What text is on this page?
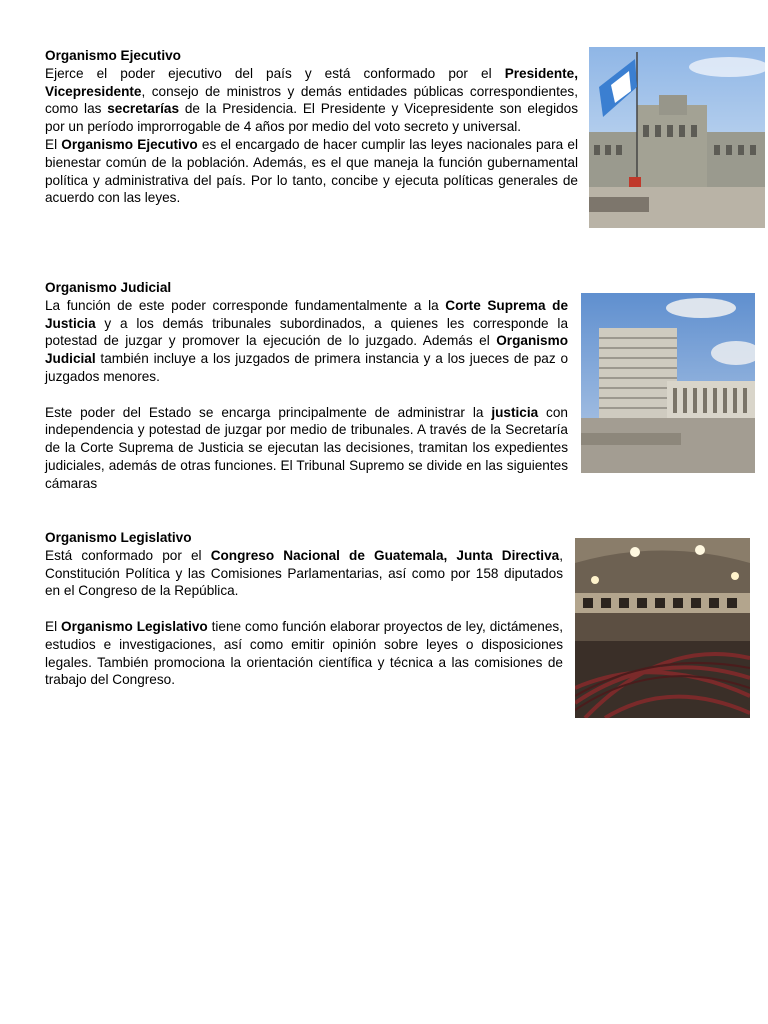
Organismo Ejecutivo
Ejerce el poder ejecutivo del país y está conformado por el Presidente, Vicepresidente, consejo de ministros y demás entidades públicas correspondientes, como las secretarías de la Presidencia. El Presidente y Vicepresidente son elegidos por un período improrrogable de 4 años por medio del voto secreto y universal.
El Organismo Ejecutivo es el encargado de hacer cumplir las leyes nacionales para el bienestar común de la población. Además, es el que maneja la función gubernamental política y administrativa del país. Por lo tanto, concibe y ejecuta políticas generales de acuerdo con las leyes.
Organismo Judicial
La función de este poder corresponde fundamentalmente a la Corte Suprema de Justicia y a los demás tribunales subordinados, a quienes les corresponde la potestad de juzgar y promover la ejecución de lo juzgado. Además el Organismo Judicial también incluye a los juzgados de primera instancia y a los jueces de paz o juzgados menores.
Este poder del Estado se encarga principalmente de administrar la justicia con independencia y potestad de juzgar por medio de tribunales. A través de la Secretaría de la Corte Suprema de Justicia se ejecutan las decisiones, tramitan los expedientes judiciales, además de otras funciones. El Tribunal Supremo se divide en las siguientes cámaras
Organismo Legislativo
Está conformado por el Congreso Nacional de Guatemala, Junta Directiva, Constitución Política y las Comisiones Parlamentarias, así como por 158 diputados en el Congreso de la República.
El Organismo Legislativo tiene como función elaborar proyectos de ley, dictámenes, estudios e investigaciones, así como emitir opinión sobre leyes o disposiciones legales. También promociona la orientación científica y técnica a las comisiones de trabajo del Congreso.
